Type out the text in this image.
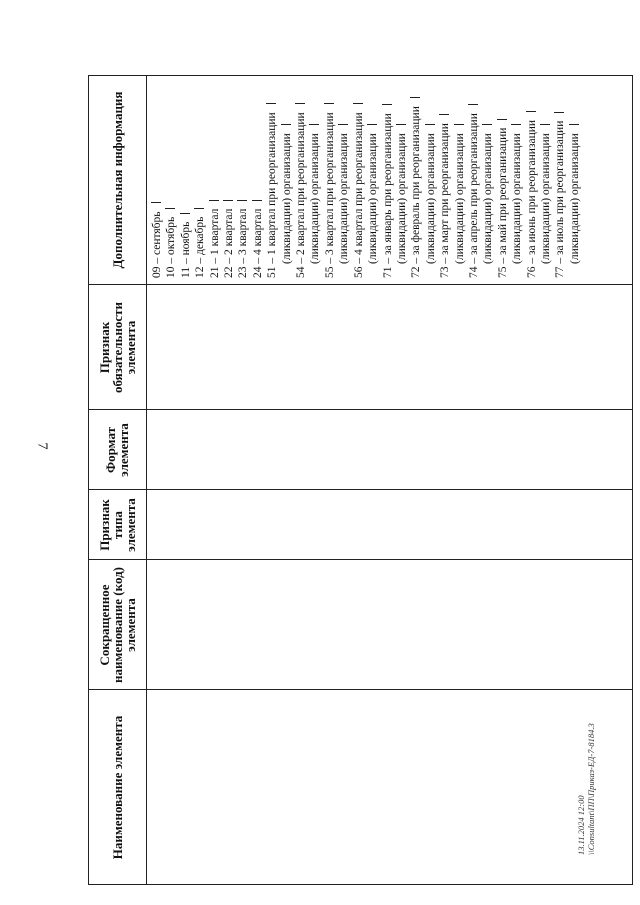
7
Наименование элемента
Сокращенное наименование (код) элемента
Признак типа элемента
Формат элемента
Признак обязательности элемента
Дополнительная информация	09 – сентябрь 10 – октябрь 11 – ноябрь 12 – декабрь 21 – 1 квартал 22 – 2 квартал 23 – 3 квартал 24 – 4 квартал 51 – 1 квартал при реорганизации (ликвидации) организации 54 – 2 квартал при реорганизации (ликвидации) организации 55 – 3 квартал при реорганизации (ликвидации) организации 56 – 4 квартал при реорганизации (ликвидации) организации 71 – за январь при реорганизации (ликвидации) организации 72 – за февраль при реорганизации (ликвидации) организации 73 – за март при реорганизации (ликвидации) организации 74 – за апрель при реорганизации (ликвидации) организации 75 – за май при реорганизации (ликвидации) организации 76 – за июнь при реорганизации (ликвидации) организации 77 – за июль при реорганизации (ликвидации) организации
13.11.2024 12:00 \\Consultant\ПП\Приказ-ЕД-7-8184.3
